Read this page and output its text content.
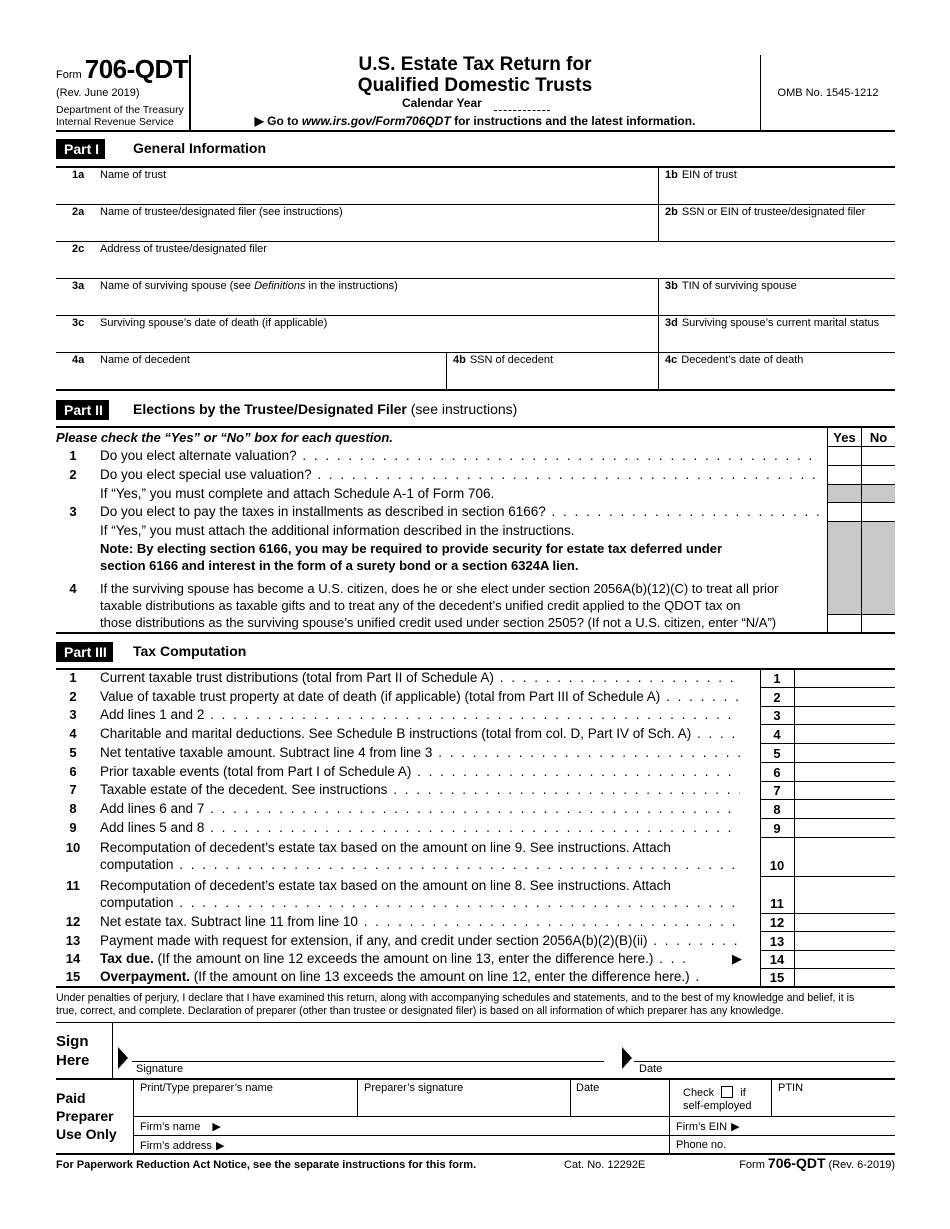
Form 706-QDT
(Rev. June 2019)
Department of the Treasury
Internal Revenue Service
U.S. Estate Tax Return for
Qualified Domestic Trusts
Calendar Year
▶ Go to www.irs.gov/Form706QDT for instructions and the latest information.
OMB No. 1545-1212
Part I	General Information
1a Name of trust	1b EIN of trust
2a Name of trustee/designated filer (see instructions)	2b SSN or EIN of trustee/designated filer
2c Address of trustee/designated filer
3a Name of surviving spouse (see Definitions in the instructions)	3b TIN of surviving spouse
3c Surviving spouse’s date of death (if applicable)	3d Surviving spouse’s current marital status
4a Name of decedent	4b SSN of decedent	4c Decedent’s date of death
Part II	Elections by the Trustee/Designated Filer (see instructions)
Please check the “Yes” or “No” box for each question.	Yes	No
1	Do you elect alternate valuation? . .
2	Do you elect special use valuation? . .
If “Yes,” you must complete and attach Schedule A-1 of Form 706.
3	Do you elect to pay the taxes in installments as described in section 6166? . .
If “Yes,” you must attach the additional information described in the instructions.
Note: By electing section 6166, you may be required to provide security for estate tax deferred under
section 6166 and interest in the form of a surety bond or a section 6324A lien.
4	If the surviving spouse has become a U.S. citizen, does he or she elect under section 2056A(b)(12)(C) to treat all prior
taxable distributions as taxable gifts and to treat any of the decedent’s unified credit applied to the QDOT tax on
those distributions as the surviving spouse’s unified credit used under section 2505? (If not a U.S. citizen, enter “N/A”)
Part III	Tax Computation
1	Current taxable trust distributions (total from Part II of Schedule A) . .	1
2	Value of taxable trust property at date of death (if applicable) (total from Part III of Schedule A) . .	2
3	Add lines 1 and 2 . .	3
4	Charitable and marital deductions. See Schedule B instructions (total from col. D, Part IV of Sch. A) . .	4
5	Net tentative taxable amount. Subtract line 4 from line 3 . .	5
6	Prior taxable events (total from Part I of Schedule A) . .	6
7	Taxable estate of the decedent. See instructions . .	7
8	Add lines 6 and 7 . .	8
9	Add lines 5 and 8 . .	9
10	Recomputation of decedent’s estate tax based on the amount on line 9. See instructions. Attach
computation . .	10
11	Recomputation of decedent’s estate tax based on the amount on line 8. See instructions. Attach
computation . .	11
12	Net estate tax. Subtract line 11 from line 10 . .	12
13	Payment made with request for extension, if any, and credit under section 2056A(b)(2)(B)(ii) . .	13
14	Tax due. (If the amount on line 12 exceeds the amount on line 13, enter the difference here.) . . .	▶	14
15	Overpayment. (If the amount on line 13 exceeds the amount on line 12, enter the difference here.) .	15
Under penalties of perjury, I declare that I have examined this return, along with accompanying schedules and statements, and to the best of my knowledge and belief, it is
true, correct, and complete. Declaration of preparer (other than trustee or designated filer) is based on all information of which preparer has any knowledge.
Sign
Here	Signature	Date
Paid
Preparer
Use Only
Print/Type preparer’s name	Preparer’s signature	Date	Check if
self-employed
PTIN
Firm’s name ▶	Firm’s EIN ▶
Firm’s address ▶	Phone no.
For Paperwork Reduction Act Notice, see the separate instructions for this form.	Cat. No. 12292E	Form 706-QDT (Rev. 6-2019)
